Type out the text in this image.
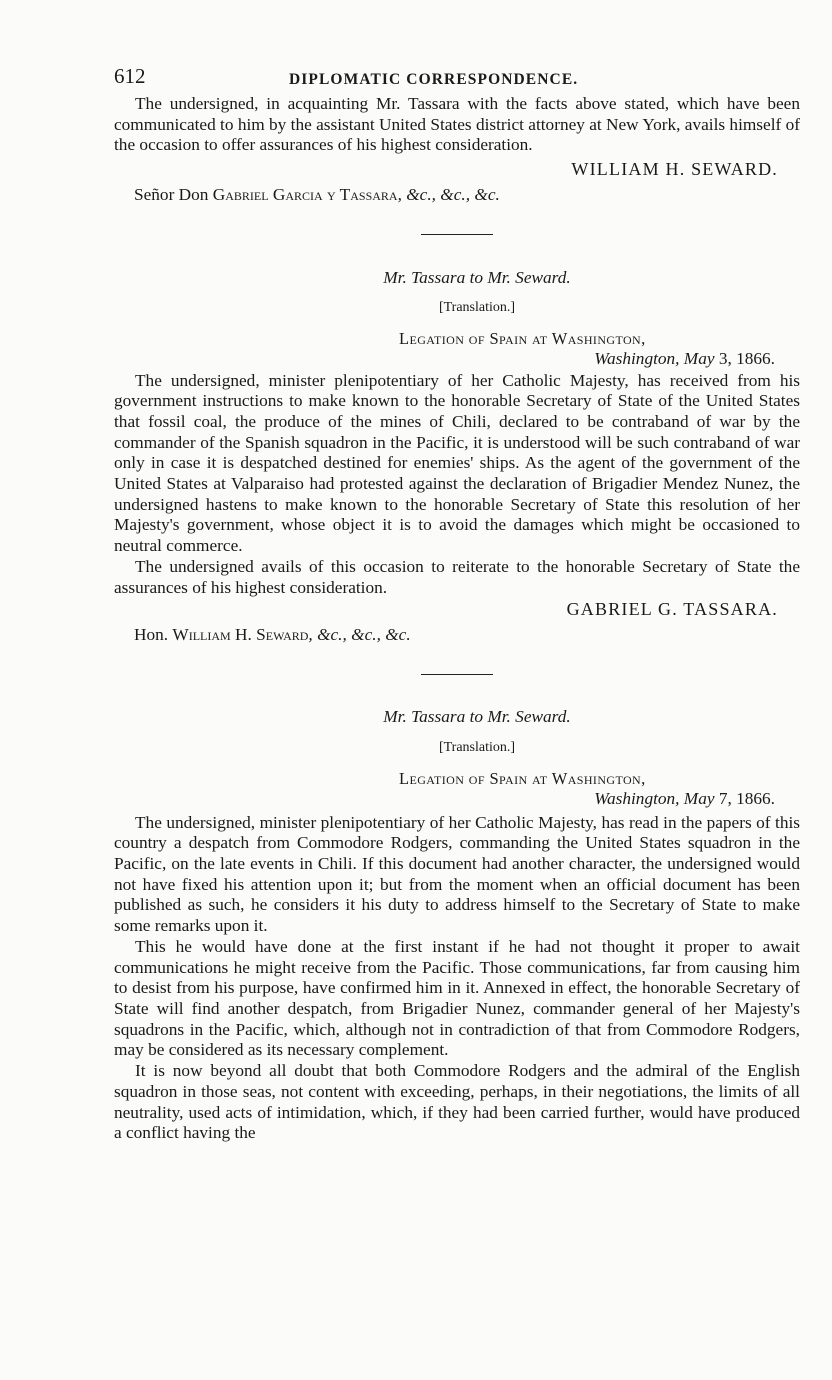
612	DIPLOMATIC CORRESPONDENCE.

The undersigned, in acquainting Mr. Tassara with the facts above stated, which have been communicated to him by the assistant United States district attorney at New York, avails himself of the occasion to offer assurances of his highest consideration.

WILLIAM H. SEWARD.
Señor Don Gabriel Garcia y Tassara, &c., &c., &c.
Mr. Tassara to Mr. Seward.
[Translation.]
Legation of Spain at Washington,
Washington, May 3, 1866.

The undersigned, minister plenipotentiary of her Catholic Majesty, has received from his government instructions to make known to the honorable Secretary of State of the United States that fossil coal, the produce of the mines of Chili, declared to be contraband of war by the commander of the Spanish squadron in the Pacific, it is understood will be such contraband of war only in case it is despatched destined for enemies' ships. As the agent of the government of the United States at Valparaiso had protested against the declaration of Brigadier Mendez Nunez, the undersigned hastens to make known to the honorable Secretary of State this resolution of her Majesty's government, whose object it is to avoid the damages which might be occasioned to neutral commerce.

The undersigned avails of this occasion to reiterate to the honorable Secretary of State the assurances of his highest consideration.

GABRIEL G. TASSARA.
Hon. William H. Seward, &c., &c., &c.
Mr. Tassara to Mr. Seward.
[Translation.]
Legation of Spain at Washington,
Washington, May 7, 1866.

The undersigned, minister plenipotentiary of her Catholic Majesty, has read in the papers of this country a despatch from Commodore Rodgers, commanding the United States squadron in the Pacific, on the late events in Chili. If this document had another character, the undersigned would not have fixed his attention upon it; but from the moment when an official document has been published as such, he considers it his duty to address himself to the Secretary of State to make some remarks upon it.

This he would have done at the first instant if he had not thought it proper to await communications he might receive from the Pacific. Those communications, far from causing him to desist from his purpose, have confirmed him in it. Annexed in effect, the honorable Secretary of State will find another despatch, from Brigadier Nunez, commander general of her Majesty's squadrons in the Pacific, which, although not in contradiction of that from Commodore Rodgers, may be considered as its necessary complement.

It is now beyond all doubt that both Commodore Rodgers and the admiral of the English squadron in those seas, not content with exceeding, perhaps, in their negotiations, the limits of all neutrality, used acts of intimidation, which, if they had been carried further, would have produced a conflict having the
